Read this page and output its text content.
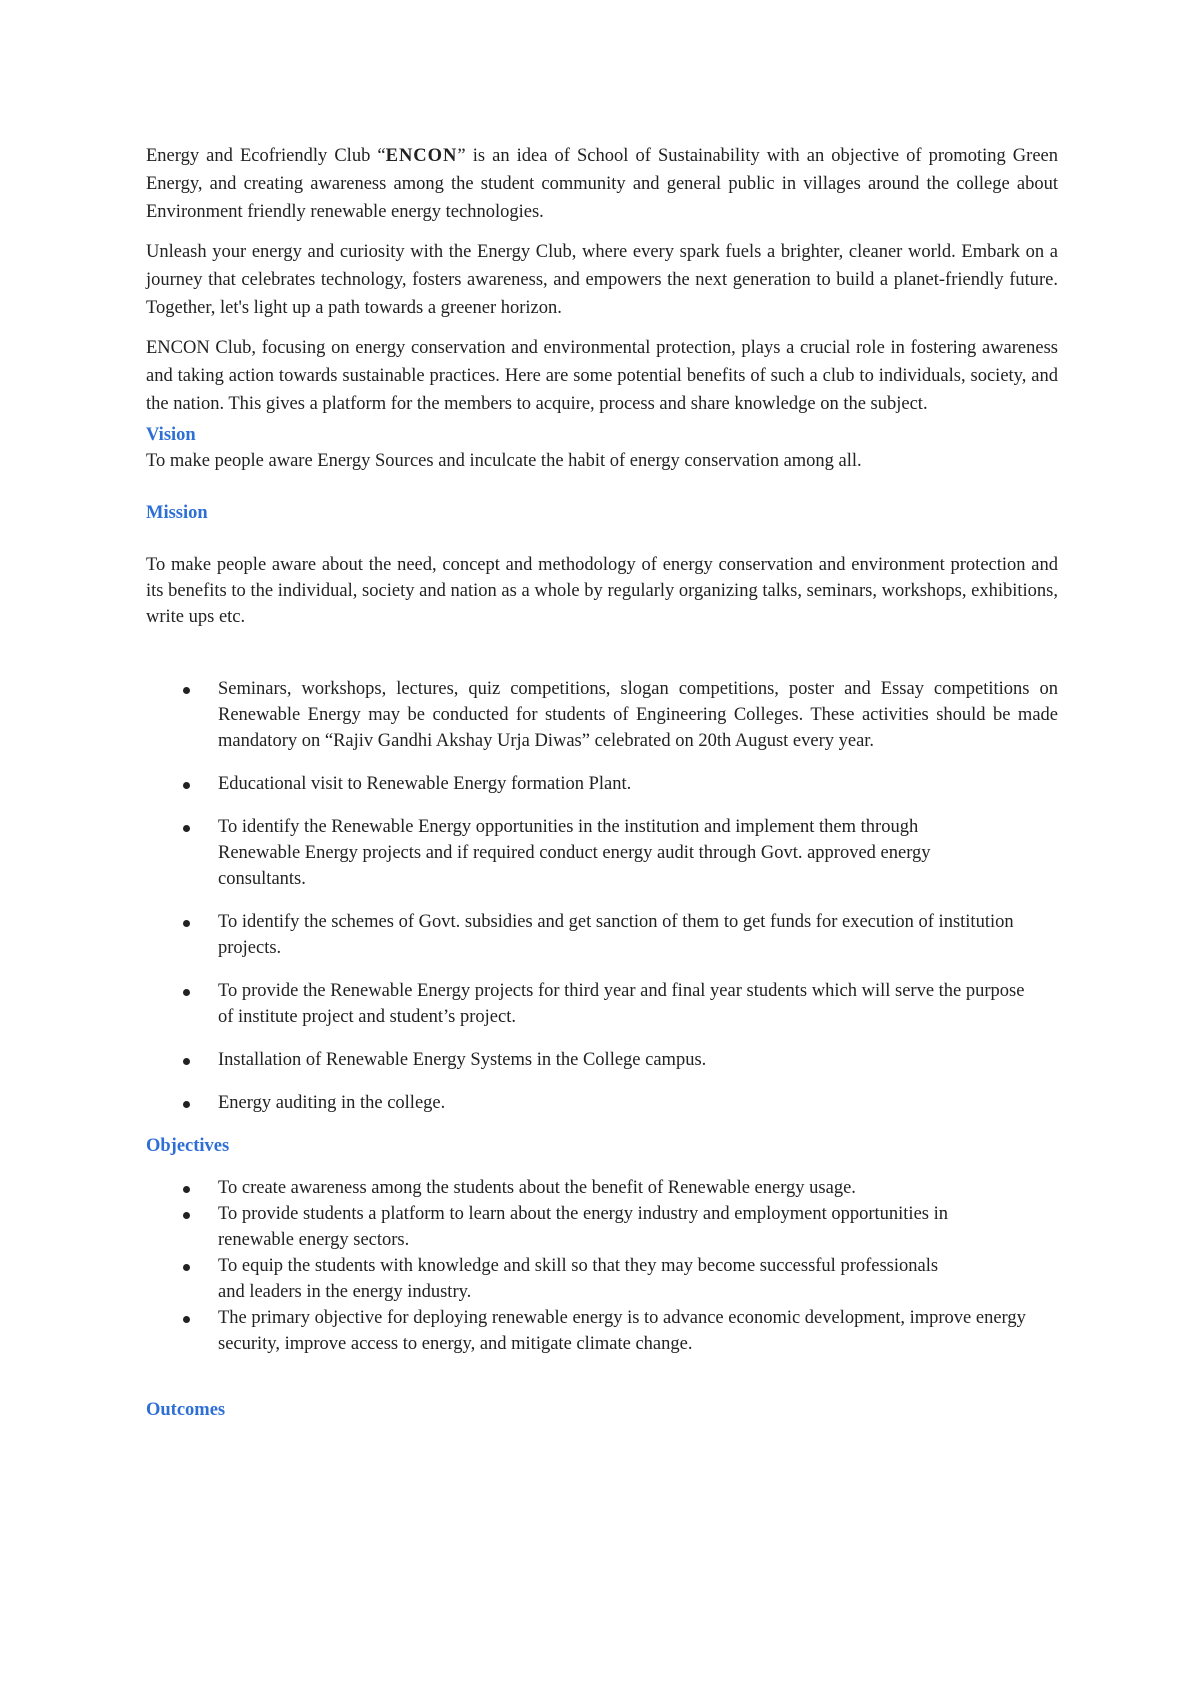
Energy and Ecofriendly Club “ENCON” is an idea of School of Sustainability with an objective of promoting Green Energy, and creating awareness among the student community and general public in villages around the college about Environment friendly renewable energy technologies.

Unleash your energy and curiosity with the Energy Club, where every spark fuels a brighter, cleaner world. Embark on a journey that celebrates technology, fosters awareness, and empowers the next generation to build a planet-friendly future. Together, let's light up a path towards a greener horizon.

ENCON Club, focusing on energy conservation and environmental protection, plays a crucial role in fostering awareness and taking action towards sustainable practices. Here are some potential benefits of such a club to individuals, society, and the nation. This gives a platform for the members to acquire, process and share knowledge on the subject.

Vision

To make people aware Energy Sources and inculcate the habit of energy conservation among all.

Mission

To make people aware about the need, concept and methodology of energy conservation and environment protection and its benefits to the individual, society and nation as a whole by regularly organizing talks, seminars, workshops, exhibitions, write ups etc.

Seminars, workshops, lectures, quiz competitions, slogan competitions, poster and Essay competitions on Renewable Energy may be conducted for students of Engineering Colleges. These activities should be made mandatory on “Rajiv Gandhi Akshay Urja Diwas” celebrated on 20th August every year.
Educational visit to Renewable Energy formation Plant.
To identify the Renewable Energy opportunities in the institution and implement them through Renewable Energy projects and if required conduct energy audit through Govt. approved energy consultants.
To identify the schemes of Govt. subsidies and get sanction of them to get funds for execution of institution projects.
To provide the Renewable Energy projects for third year and final year students which will serve the purpose of institute project and student’s project.
Installation of Renewable Energy Systems in the College campus.
Energy auditing in the college.
Objectives
To create awareness among the students about the benefit of Renewable energy usage.
To provide students a platform to learn about the energy industry and employment opportunities in renewable energy sectors.
To equip the students with knowledge and skill so that they may become successful professionals and leaders in the energy industry.
The primary objective for deploying renewable energy is to advance economic development, improve energy security, improve access to energy, and mitigate climate change.
Outcomes
